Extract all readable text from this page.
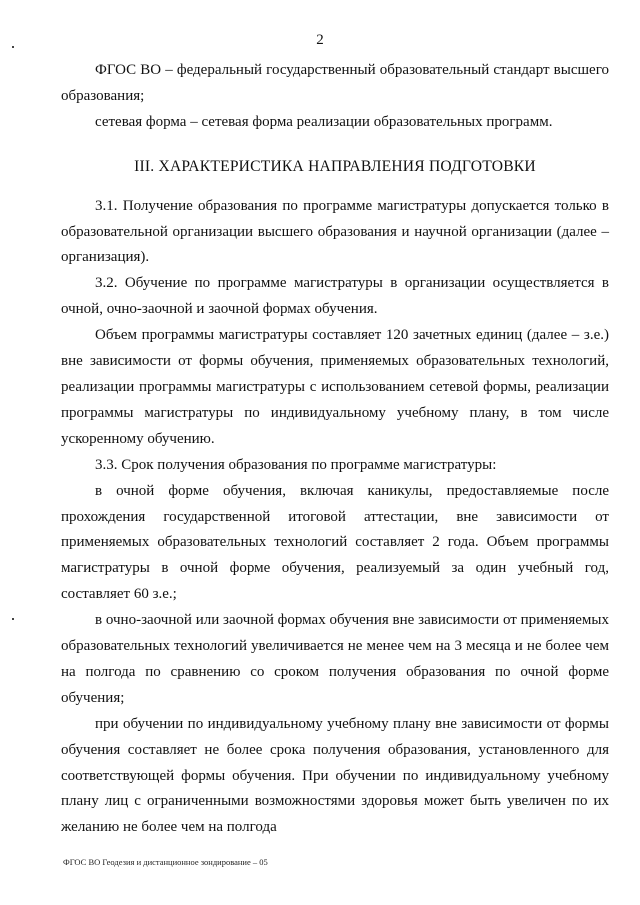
2

ФГОС ВО – федеральный государственный образовательный стандарт высшего образования;

сетевая форма – сетевая форма реализации образовательных программ.

III. ХАРАКТЕРИСТИКА НАПРАВЛЕНИЯ ПОДГОТОВКИ

3.1. Получение образования по программе магистратуры допускается только в образовательной организации высшего образования и научной организации (далее – организация).

3.2. Обучение по программе магистратуры в организации осуществляется в очной, очно-заочной и заочной формах обучения.

Объем программы магистратуры составляет 120 зачетных единиц (далее – з.е.) вне зависимости от формы обучения, применяемых образовательных технологий, реализации программы магистратуры с использованием сетевой формы, реализации программы магистратуры по индивидуальному учебному плану, в том числе ускоренному обучению.

3.3. Срок получения образования по программе магистратуры:

в очной форме обучения, включая каникулы, предоставляемые после прохождения государственной итоговой аттестации, вне зависимости от применяемых образовательных технологий составляет 2 года. Объем программы магистратуры в очной форме обучения, реализуемый за один учебный год, составляет 60 з.е.;

в очно-заочной или заочной формах обучения вне зависимости от применяемых образовательных технологий увеличивается не менее чем на 3 месяца и не более чем на полгода по сравнению со сроком получения образования по очной форме обучения;

при обучении по индивидуальному учебному плану вне зависимости от формы обучения составляет не более срока получения образования, установленного для соответствующей формы обучения. При обучении по индивидуальному учебному плану лиц с ограниченными возможностями здоровья может быть увеличен по их желанию не более чем на полгода

ФГОС ВО Геодезия и дистанционное зондирование – 05
